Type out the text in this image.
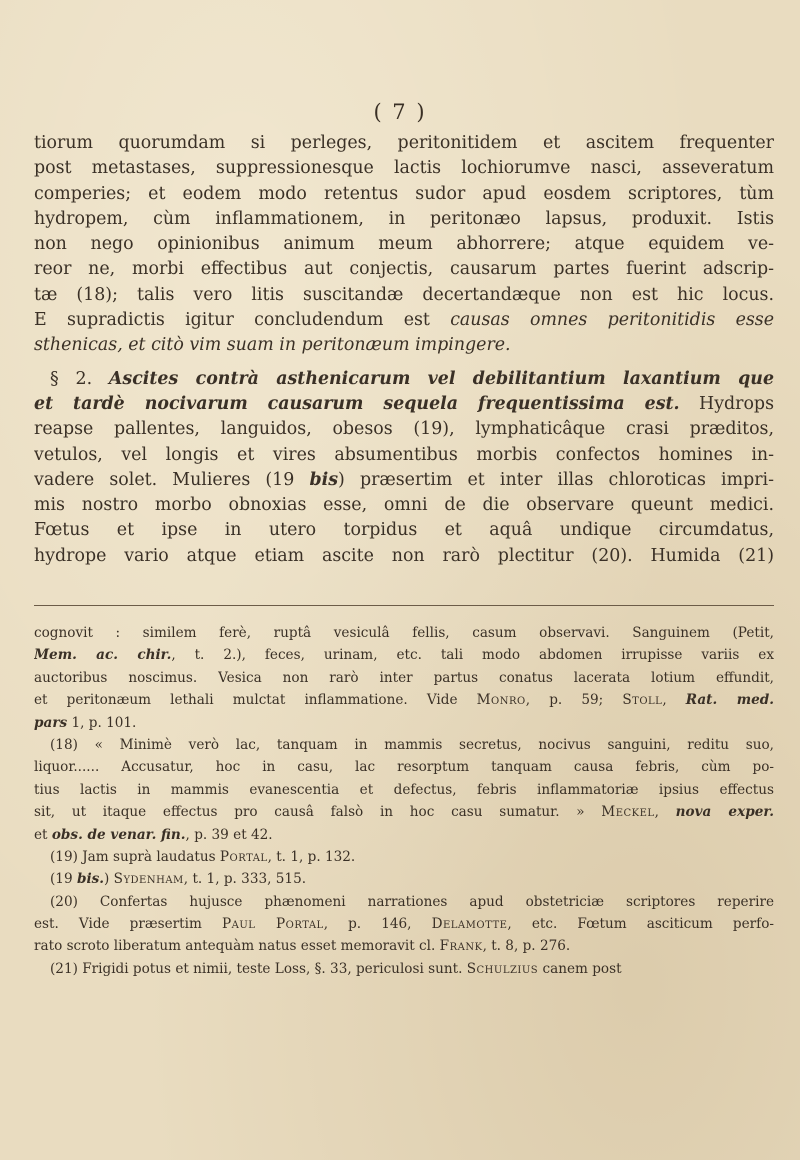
( 7 )
tiorum quorumdam si perleges, peritonitidem et ascitem frequenter
post metastases, suppressionesque lactis lochiorumve nasci, asseveratum
comperies; et eodem modo retentus sudor apud eosdem scriptores, tùm
hydropem, cùm inflammationem, in peritonæo lapsus, produxit. Istis
non nego opinionibus animum meum abhorrere; atque equidem ve-
reor ne, morbi effectibus aut conjectis, causarum partes fuerint adscrip-
tæ (18); talis vero litis suscitandæ decertandæque non est hic locus.
E supradictis igitur concludendum est causas omnes peritonitidis esse
sthenicas, et citò vim suam in peritonæum impingere.
§ 2. Ascites contrà asthenicarum vel debilitantium laxantium que
et tardè nocivarum causarum sequela frequentissima est. Hydrops
reapse pallentes, languidos, obesos (19), lymphaticâque crasi præditos,
vetulos, vel longis et vires absumentibus morbis confectos homines in-
vadere solet. Mulieres (19 bis) præsertim et inter illas chloroticas impri-
mis nostro morbo obnoxias esse, omni de die observare queunt medici.
Fœtus et ipse in utero torpidus et aquâ undique circumdatus,
hydrope vario atque etiam ascite non rarò plectitur (20). Humida (21)
cognovit : similem ferè, ruptâ vesiculâ fellis, casum observavi. Sanguinem (Petit,
Mem. ac. chir., t. 2.), feces, urinam, etc. tali modo abdomen irrupisse variis ex
auctoribus noscimus. Vesica non rarò inter partus conatus lacerata lotium effundit,
et peritonæum lethali mulctat inflammatione. Vide Monro, p. 59; Stoll, Rat. med.
pars 1, p. 101.
(18) « Minimè verò lac, tanquam in mammis secretus, nocivus sanguini, reditu suo,
liquor...... Accusatur, hoc in casu, lac resorptum tanquam causa febris, cùm po-
tius lactis in mammis evanescentia et defectus, febris inflammatoriæ ipsius effectus
sit, ut itaque effectus pro causâ falsò in hoc casu sumatur. » Meckel, nova exper.
et obs. de venar. fin., p. 39 et 42.
(19) Jam suprà laudatus Portal, t. 1, p. 132.
(19 bis.) Sydenham, t. 1, p. 333, 515.
(20) Confertas hujusce phænomeni narrationes apud obstetriciæ scriptores reperire
est. Vide præsertim Paul Portal, p. 146, Delamotte, etc. Fœtum asciticum perfo-
rato scroto liberatum antequàm natus esset memoravit cl. Frank, t. 8, p. 276.
(21) Frigidi potus et nimii, teste Loss, §. 33, periculosi sunt. Schulzius canem post
